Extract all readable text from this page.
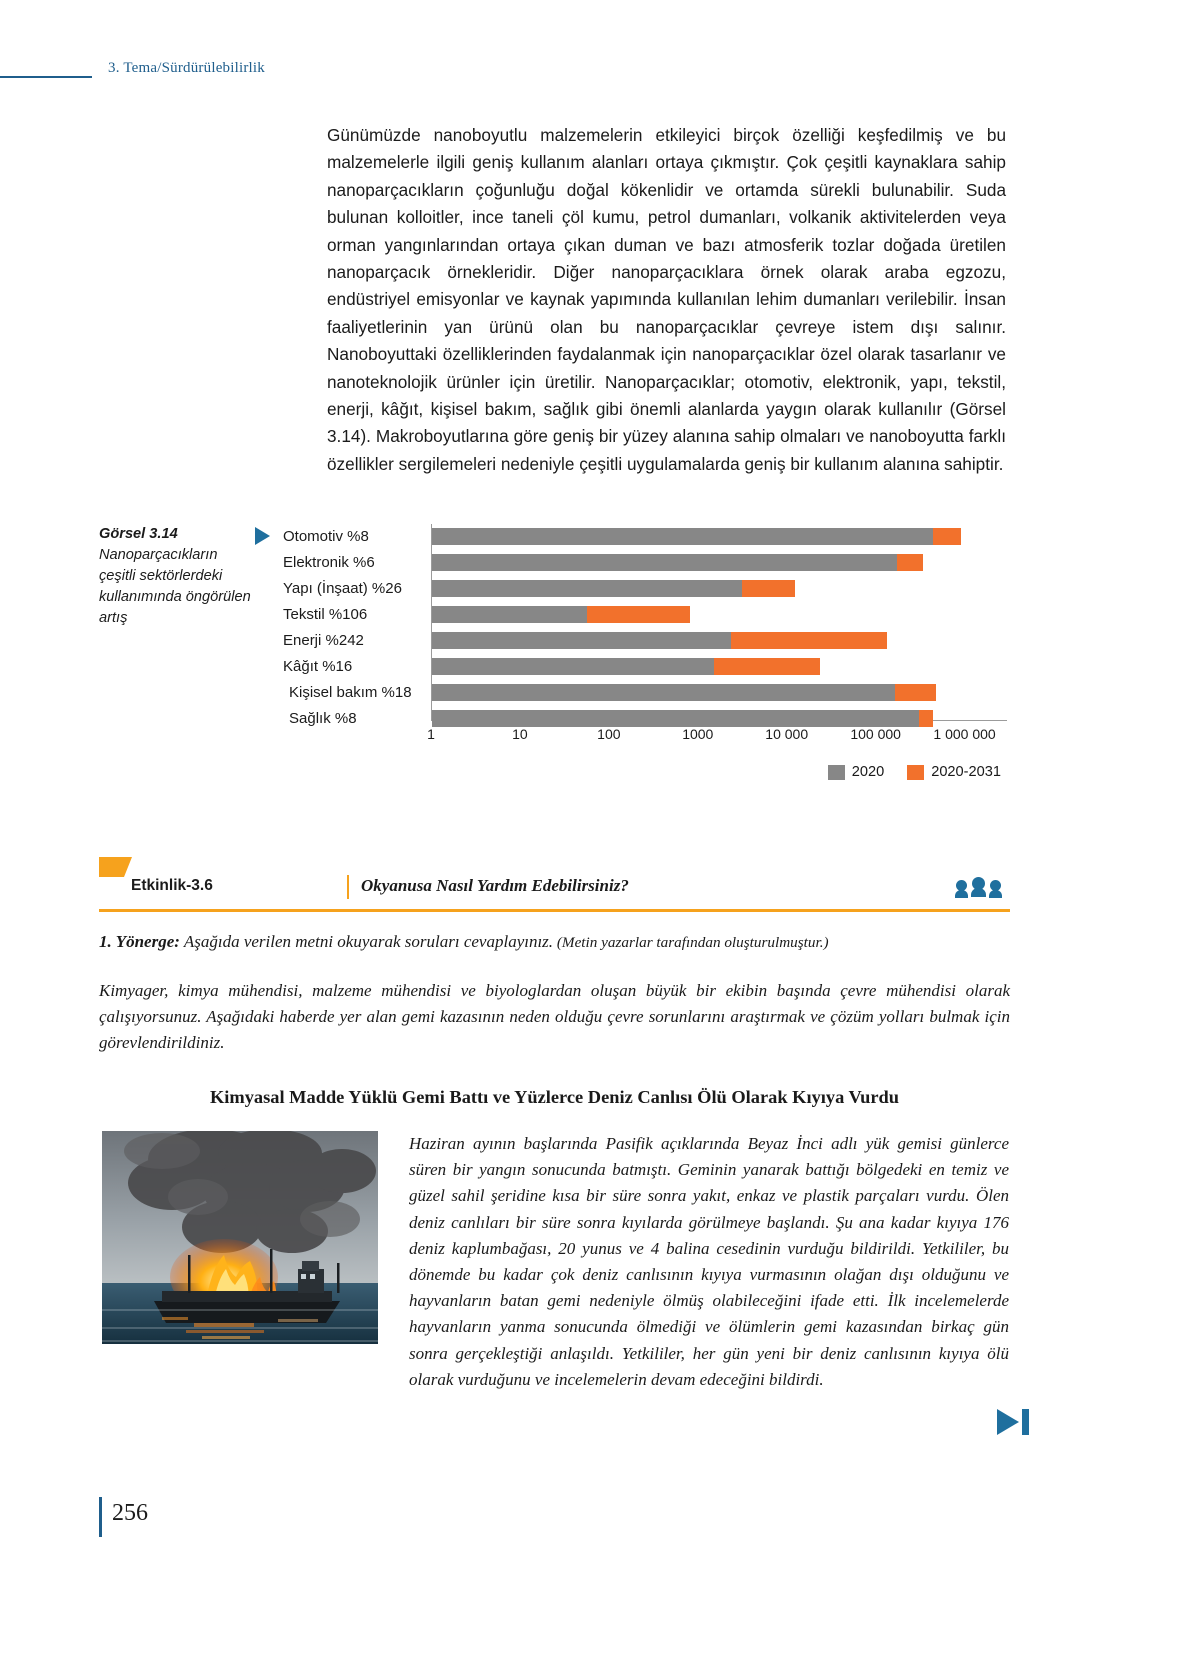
3. Tema/Sürdürülebilirlik
Günümüzde nanoboyutlu malzemelerin etkileyici birçok özelliği keşfedilmiş ve bu malzemelerle ilgili geniş kullanım alanları ortaya çıkmıştır. Çok çeşitli kaynaklara sahip nanoparçacıkların çoğunluğu doğal kökenlidir ve ortamda sürekli bulunabilir. Suda bulunan kolloitler, ince taneli çöl kumu, petrol dumanları, volkanik aktivitelerden veya orman yangınlarından ortaya çıkan duman ve bazı atmosferik tozlar doğada üretilen nanoparçacık örnekleridir. Diğer nanoparçacıklara örnek olarak araba egzozu, endüstriyel emisyonlar ve kaynak yapımında kullanılan lehim dumanları verilebilir. İnsan faaliyetlerinin yan ürünü olan bu nanoparçacıklar çevreye istem dışı salınır. Nanoboyuttaki özelliklerinden faydalanmak için nanoparçacıklar özel olarak tasarlanır ve nanoteknolojik ürünler için üretilir. Nanoparçacıklar; otomotiv, elektronik, yapı, tekstil, enerji, kâğıt, kişisel bakım, sağlık gibi önemli alanlarda yaygın olarak kullanılır (Görsel 3.14). Makroboyutlarına göre geniş bir yüzey alanına sahip olmaları ve nanoboyutta farklı özellikler sergilemeleri nedeniyle çeşitli uygulamalarda geniş bir kullanım alanına sahiptir.
Görsel 3.14
Nanoparçacıkların çeşitli sektörlerdeki kullanımında öngörülen artış
Otomotiv %8
Elektronik %6
Yapı (İnşaat) %26
Tekstil %106
Enerji %242
Kâğıt %16
Kişisel bakım %18
Sağlık %8
1	10	100	1000	10 000	100 000 1 000 000
2020	2020-2031
Etkinlik-3.6	Okyanusa Nasıl Yardım Edebilirsiniz?
1. Yönerge: Aşağıda verilen metni okuyarak soruları cevaplayınız. (Metin yazarlar tarafından oluşturulmuştur.)
Kimyager, kimya mühendisi, malzeme mühendisi ve biyologlardan oluşan büyük bir ekibin başında çevre mühendisi olarak çalışıyorsunuz. Aşağıdaki haberde yer alan gemi kazasının neden olduğu çevre sorunlarını araştırmak ve çözüm yolları bulmak için görevlendirildiniz.
Kimyasal Madde Yüklü Gemi Battı ve Yüzlerce Deniz Canlısı Ölü Olarak Kıyıya Vurdu
Haziran ayının başlarında Pasifik açıklarında Beyaz İnci adlı yük gemisi günlerce süren bir yangın sonucunda batmıştı. Geminin yanarak battığı bölgedeki en temiz ve güzel sahil şeridine kısa bir süre sonra yakıt, enkaz ve plastik parçaları vurdu. Ölen deniz canlıları bir süre sonra kıyılarda görülmeye başlandı. Şu ana kadar kıyıya 176 deniz kaplumbağası, 20 yunus ve 4 balina cesedinin vurduğu bildirildi. Yetkililer, bu dönemde bu kadar çok deniz canlısının kıyıya vurmasının olağan dışı olduğunu ve hayvanların batan gemi nedeniyle ölmüş olabileceğini ifade etti. İlk incelemelerde hayvanların yanma sonucunda ölmediği ve ölümlerin gemi kazasından birkaç gün sonra gerçekleştiği anlaşıldı. Yetkililer, her gün yeni bir deniz canlısının kıyıya ölü olarak vurduğunu ve incelemelerin devam edeceğini bildirdi.
256
